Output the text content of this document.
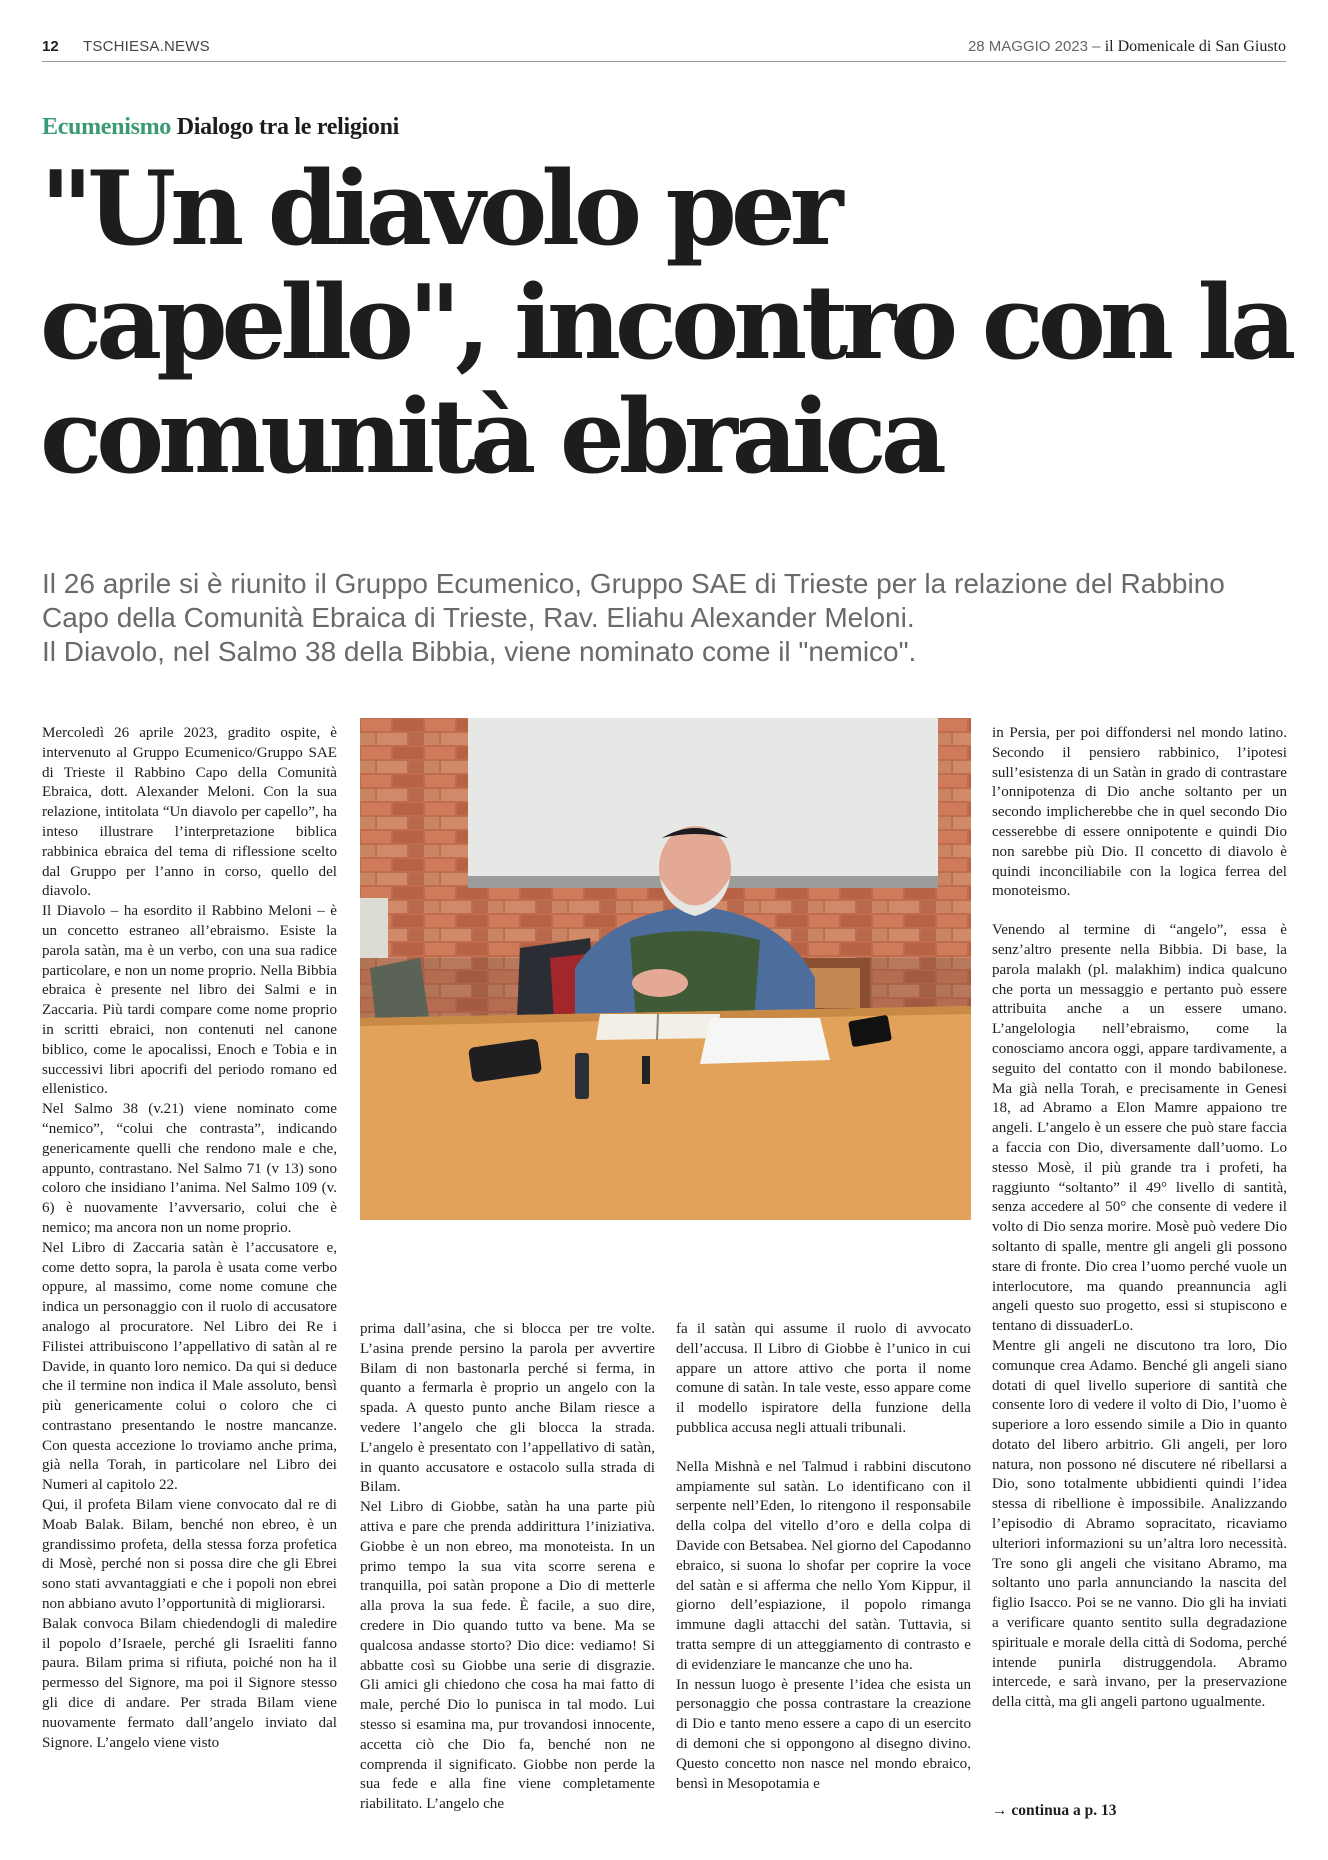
12 TSCHIESA.NEWS	28 MAGGIO 2023 – il Domenicale di San Giusto
Ecumenismo Dialogo tra le religioni
"Un diavolo per capello", incontro con la comunità ebraica

Il 26 aprile si è riunito il Gruppo Ecumenico, Gruppo SAE di Trieste per la relazione del Rabbino Capo della Comunità Ebraica di Trieste, Rav. Eliahu Alexander Meloni.

Il Diavolo, nel Salmo 38 della Bibbia, viene nominato come il "nemico".

Mercoledì 26 aprile 2023, gradito ospite, è intervenuto al Gruppo Ecumenico/Gruppo SAE di Trieste il Rabbino Capo della Comunità Ebraica, dott. Alexander Meloni. Con la sua relazione, intitolata “Un diavolo per capello”, ha inteso illustrare l’interpretazione biblica rabbinica ebraica del tema di riflessione scelto dal Gruppo per l’anno in corso, quello del diavolo.

Il Diavolo – ha esordito il Rabbino Meloni – è un concetto estraneo all’ebraismo. Esiste la parola satàn, ma è un verbo, con una sua radice particolare, e non un nome proprio. Nella Bibbia ebraica è presente nel libro dei Salmi e in Zaccaria. Più tardi compare come nome proprio in scritti ebraici, non contenuti nel canone biblico, come le apocalissi, Enoch e Tobia e in successivi libri apocrifi del periodo romano ed ellenistico.

Nel Salmo 38 (v.21) viene nominato come “nemico”, “colui che contrasta”, indicando genericamente quelli che rendono male e che, appunto, contrastano. Nel Salmo 71 (v 13) sono coloro che insidiano l’anima. Nel Salmo 109 (v. 6) è nuovamente l’avversario, colui che è nemico; ma ancora non un nome proprio.

Nel Libro di Zaccaria satàn è l’accusatore e, come detto sopra, la parola è usata come verbo oppure, al massimo, come nome comune che indica un personaggio con il ruolo di accusatore analogo al procuratore. Nel Libro dei Re i Filistei attribuiscono l’appellativo di satàn al re Davide, in quanto loro nemico. Da qui si deduce che il termine non indica il Male assoluto, bensì più genericamente colui o coloro che ci contrastano presentando le nostre mancanze. Con questa accezione lo troviamo anche prima, già nella Torah, in particolare nel Libro dei Numeri al capitolo 22.

Qui, il profeta Bilam viene convocato dal re di Moab Balak. Bilam, benché non ebreo, è un grandissimo profeta, della stessa forza profetica di Mosè, perché non si possa dire che gli Ebrei sono stati avvantaggiati e che i popoli non ebrei non abbiano avuto l’opportunità di migliorarsi.

Balak convoca Bilam chiedendogli di maledire il popolo d’Israele, perché gli Israeliti fanno paura. Bilam prima si rifiuta, poiché non ha il permesso del Signore, ma poi il Signore stesso gli dice di andare. Per strada Bilam viene nuovamente fermato dall’angelo inviato dal Signore. L’angelo viene visto

prima dall’asina, che si blocca per tre volte. L’asina prende persino la parola per avvertire Bilam di non bastonarla perché si ferma, in quanto a fermarla è proprio un angelo con la spada. A questo punto anche Bilam riesce a vedere l’angelo che gli blocca la strada. L’angelo è presentato con l’appellativo di satàn, in quanto accusatore e ostacolo sulla strada di Bilam.

Nel Libro di Giobbe, satàn ha una parte più attiva e pare che prenda addirittura l’iniziativa. Giobbe è un non ebreo, ma monoteista. In un primo tempo la sua vita scorre serena e tranquilla, poi satàn propone a Dio di metterle alla prova la sua fede. È facile, a suo dire, credere in Dio quando tutto va bene. Ma se qualcosa andasse storto? Dio dice: vediamo! Si abbatte così su Giobbe una serie di disgrazie. Gli amici gli chiedono che cosa ha mai fatto di male, perché Dio lo punisca in tal modo. Lui stesso si esamina ma, pur trovandosi innocente, accetta ciò che Dio fa, benché non ne comprenda il significato. Giobbe non perde la sua fede e alla fine viene completamente riabilitato. L’angelo che

fa il satàn qui assume il ruolo di avvocato dell’accusa. Il Libro di Giobbe è l’unico in cui appare un attore attivo che porta il nome comune di satàn. In tale veste, esso appare come il modello ispiratore della funzione della pubblica accusa negli attuali tribunali.

Nella Mishnà e nel Talmud i rabbini discutono ampiamente sul satàn. Lo identificano con il serpente nell’Eden, lo ritengono il responsabile della colpa del vitello d’oro e della colpa di Davide con Betsabea. Nel giorno del Capodanno ebraico, si suona lo shofar per coprire la voce del satàn e si afferma che nello Yom Kippur, il giorno dell’espiazione, il popolo rimanga immune dagli attacchi del satàn. Tuttavia, si tratta sempre di un atteggiamento di contrasto e di evidenziare le mancanze che uno ha.

In nessun luogo è presente l’idea che esista un personaggio che possa contrastare la creazione di Dio e tanto meno essere a capo di un esercito di demoni che si oppongono al disegno divino. Questo concetto non nasce nel mondo ebraico, bensì in Mesopotamia e

in Persia, per poi diffondersi nel mondo latino. Secondo il pensiero rabbinico, l’ipotesi sull’esistenza di un Satàn in grado di contrastare l’onnipotenza di Dio anche soltanto per un secondo implicherebbe che in quel secondo Dio cesserebbe di essere onnipotente e quindi Dio non sarebbe più Dio. Il concetto di diavolo è quindi inconciliabile con la logica ferrea del monoteismo.

Venendo al termine di “angelo”, essa è senz’altro presente nella Bibbia. Di base, la parola malakh (pl. malakhim) indica qualcuno che porta un messaggio e pertanto può essere attribuita anche a un essere umano. L’angelologia nell’ebraismo, come la conosciamo ancora oggi, appare tardivamente, a seguito del contatto con il mondo babilonese. Ma già nella Torah, e precisamente in Genesi 18, ad Abramo a Elon Mamre appaiono tre angeli. L’angelo è un essere che può stare faccia a faccia con Dio, diversamente dall’uomo. Lo stesso Mosè, il più grande tra i profeti, ha raggiunto “soltanto” il 49° livello di santità, senza accedere al 50° che consente di vedere il volto di Dio senza morire. Mosè può vedere Dio soltanto di spalle, mentre gli angeli gli possono stare di fronte. Dio crea l’uomo perché vuole un interlocutore, ma quando preannuncia agli angeli questo suo progetto, essi si stupiscono e tentano di dissuaderLo.

Mentre gli angeli ne discutono tra loro, Dio comunque crea Adamo. Benché gli angeli siano dotati di quel livello superiore di santità che consente loro di vedere il volto di Dio, l’uomo è superiore a loro essendo simile a Dio in quanto dotato del libero arbitrio. Gli angeli, per loro natura, non possono né discutere né ribellarsi a Dio, sono totalmente ubbidienti quindi l’idea stessa di ribellione è impossibile. Analizzando l’episodio di Abramo sopracitato, ricaviamo ulteriori informazioni su un’altra loro necessità. Tre sono gli angeli che visitano Abramo, ma soltanto uno parla annunciando la nascita del figlio Isacco. Poi se ne vanno. Dio gli ha inviati a verificare quanto sentito sulla degradazione spirituale e morale della città di Sodoma, perché intende punirla distruggendola. Abramo intercede, e sarà invano, per la preservazione della città, ma gli angeli partono ugualmente.

→ continua a p. 13
